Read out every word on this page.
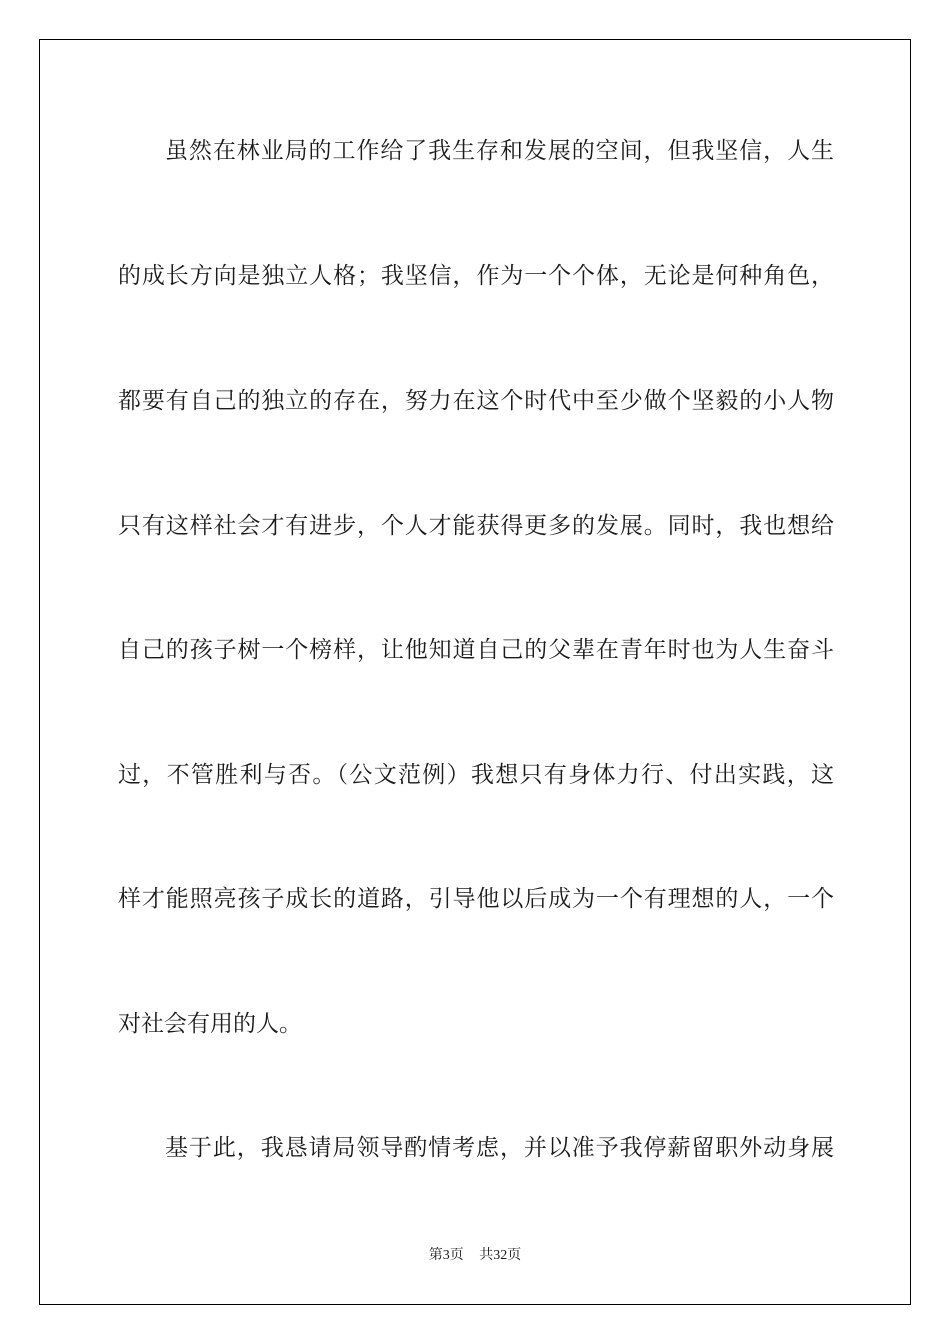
虽然在林业局的工作给了我生存和发展的空间，但我坚信，人生
的成长方向是独立人格；我坚信，作为一个个体，无论是何种角色，
都要有自己的独立的存在，努力在这个时代中至少做个坚毅的小人物
只有这样社会才有进步，个人才能获得更多的发展。同时，我也想给
自己的孩子树一个榜样，让他知道自己的父辈在青年时也为人生奋斗
过，不管胜利与否。（公文范例）我想只有身体力行、付出实践，这
样才能照亮孩子成长的道路，引导他以后成为一个有理想的人，一个
对社会有用的人。
基于此，我恳请局领导酌情考虑，并以准予我停薪留职外动身展
第3页 共32页
